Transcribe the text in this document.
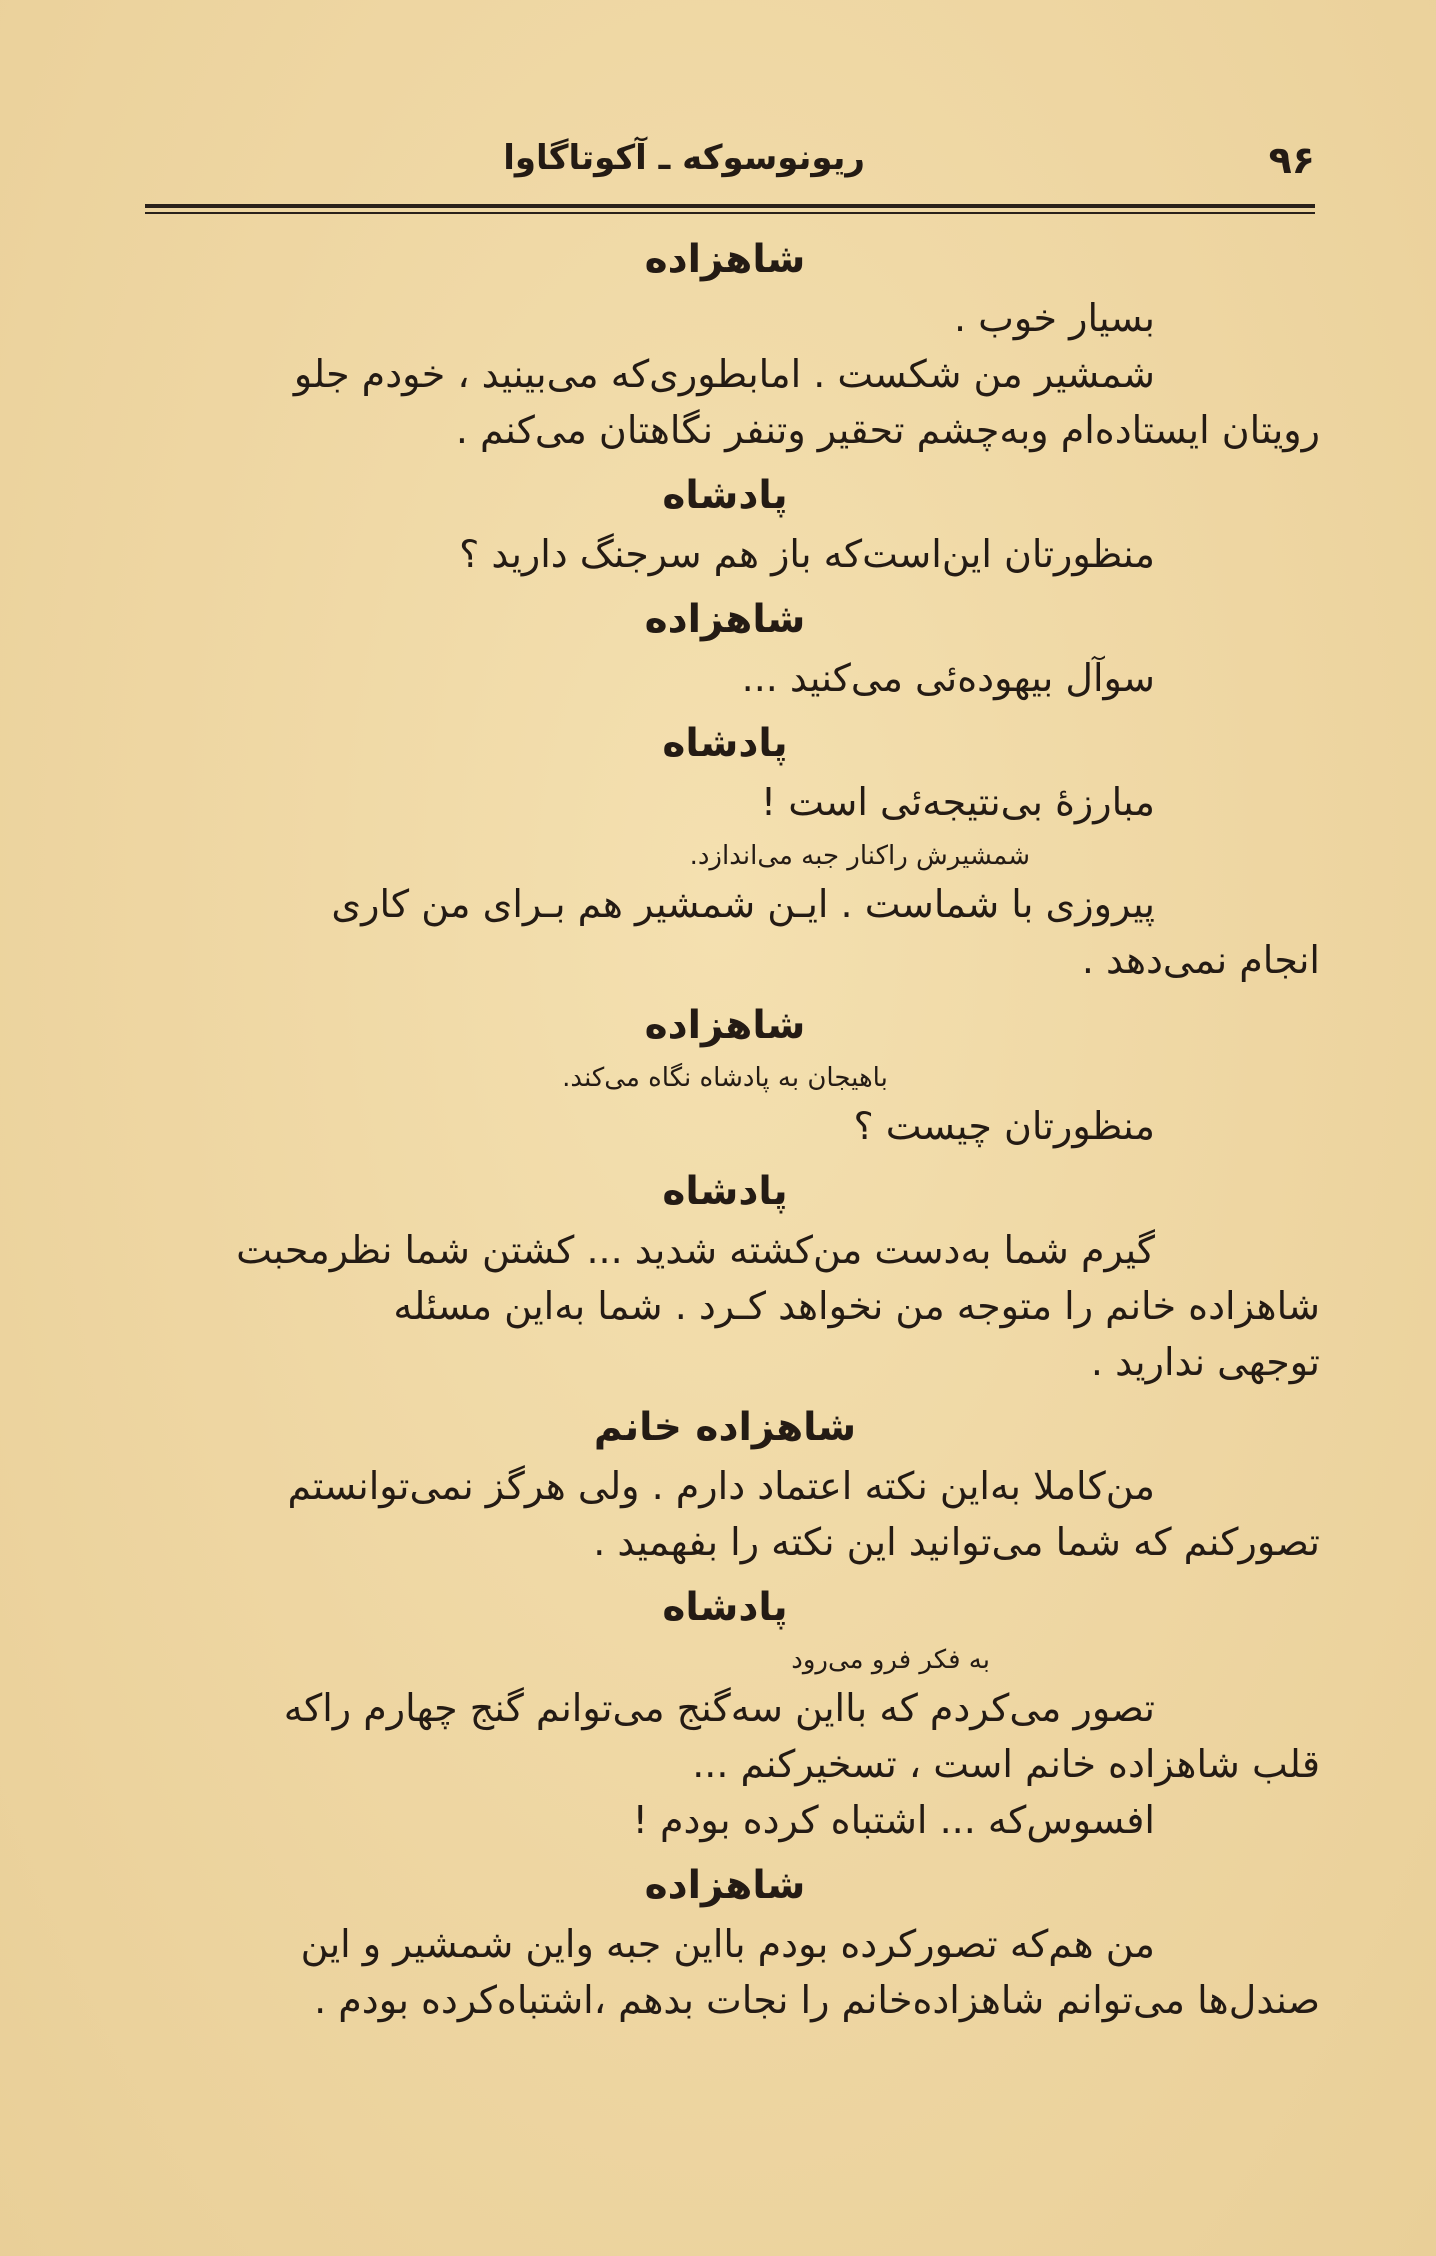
۹۶
ریونوسوکه ـ آکوتاگاوا
شاهزاده
بسیار خوب .
شمشیر من شکست . امابطوری‌که می‌بینید ، خودم جلو
رویتان ایستاده‌ام وبه‌چشم تحقیر وتنفر نگاهتان می‌کنم .
پادشاه
منظورتان این‌است‌که باز هم سرجنگ دارید ؟
شاهزاده
سوآل بیهوده‌ئی می‌کنید ...
پادشاه
مبارزهٔ بی‌نتیجه‌ئی است !
شمشیرش راکنار جبه می‌اندازد.
پیروزی با شماست . ایـن شمشیر هم بـرای من کاری
انجام نمی‌دهد .
شاهزاده
باهیجان به پادشاه نگاه می‌کند.
منظورتان چیست ؟
پادشاه
گیرم شما به‌دست من‌کشته شدید ... کشتن شما نظرمحبت
شاهزاده خانم را متوجه من نخواهد کـرد . شما به‌این مسئله
توجهی ندارید .
شاهزاده خانم
من‌کاملا به‌این نکته اعتماد دارم . ولی هرگز نمی‌توانستم
تصورکنم که شما می‌توانید این نکته را بفهمید .
پادشاه
به فکر فرو می‌رود
تصور می‌کردم که بااین سه‌گنج می‌توانم گنج چهارم راکه
قلب شاهزاده خانم است ، تسخیرکنم ...
افسوس‌که ... اشتباه کرده بودم !
شاهزاده
من هم‌که تصورکرده بودم بااین جبه واین شمشیر و این
صندل‌ها می‌توانم شاهزاده‌خانم را نجات بدهم ،اشتباه‌کرده بودم .
